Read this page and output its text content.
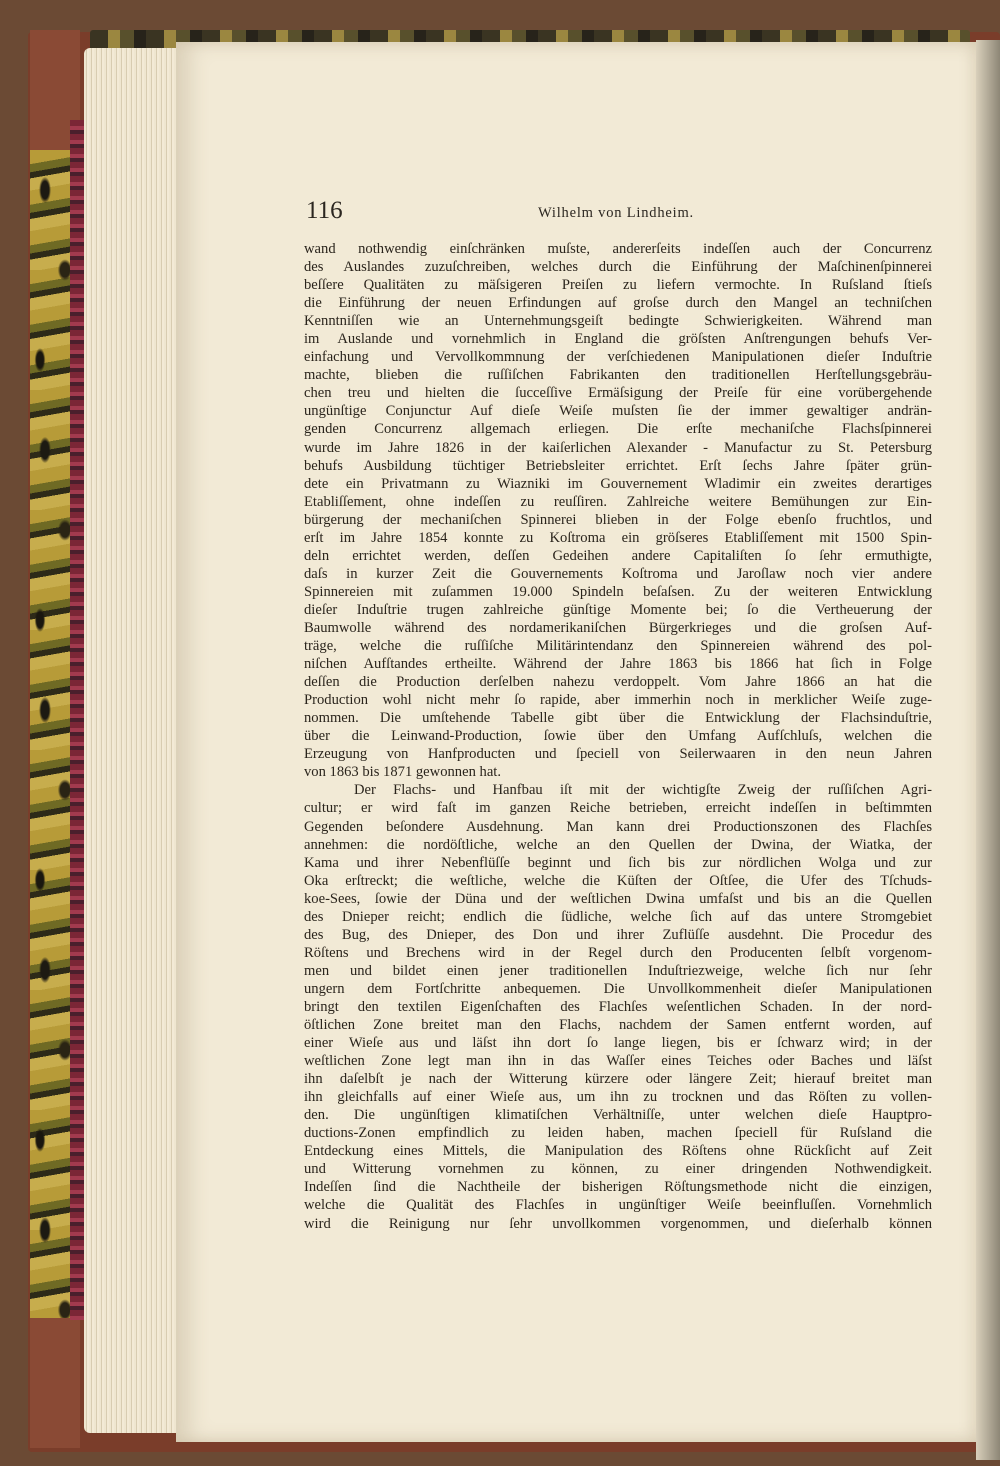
116	Wilhelm von Lindheim.
wand nothwendig einſchränken muſste, andererſeits indeſſen auch der Concurrenz
des Auslandes zuzuſchreiben, welches durch die Einführung der Maſchinenſpinnerei
beſſere Qualitäten zu mäſsigeren Preiſen zu liefern vermochte. In Ruſsland ſtieſs
die Einführung der neuen Erfindungen auf groſse durch den Mangel an techniſchen
Kenntniſſen wie an Unternehmungsgeiſt bedingte Schwierigkeiten. Während man
im Auslande und vornehmlich in England die gröſsten Anſtrengungen behufs Ver-
einfachung und Vervollkommnung der verſchiedenen Manipulationen dieſer Induſtrie
machte, blieben die ruſſiſchen Fabrikanten den traditionellen Herſtellungsgebräu-
chen treu und hielten die ſucceſſive Ermäſsigung der Preiſe für eine vorübergehende
ungünſtige Conjunctur Auf dieſe Weiſe muſsten ſie der immer gewaltiger andrän-
genden Concurrenz allgemach erliegen. Die erſte mechaniſche Flachsſpinnerei
wurde im Jahre 1826 in der kaiſerlichen Alexander - Manufactur zu St. Petersburg
behufs Ausbildung tüchtiger Betriebsleiter errichtet. Erſt ſechs Jahre ſpäter grün-
dete ein Privatmann zu Wiazniki im Gouvernement Wladimir ein zweites derartiges
Etabliſſement, ohne indeſſen zu reuſſiren. Zahlreiche weitere Bemühungen zur Ein-
bürgerung der mechaniſchen Spinnerei blieben in der Folge ebenſo fruchtlos, und
erſt im Jahre 1854 konnte zu Koſtroma ein gröſseres Etabliſſement mit 1500 Spin-
deln errichtet werden, deſſen Gedeihen andere Capitaliſten ſo ſehr ermuthigte,
daſs in kurzer Zeit die Gouvernements Koſtroma und Jaroſlaw noch vier andere
Spinnereien mit zuſammen 19.000 Spindeln beſaſsen. Zu der weiteren Entwicklung
dieſer Induſtrie trugen zahlreiche günſtige Momente bei; ſo die Vertheuerung der
Baumwolle während des nordamerikaniſchen Bürgerkrieges und die groſsen Auf-
träge, welche die ruſſiſche Militärintendanz den Spinnereien während des pol-
niſchen Aufſtandes ertheilte. Während der Jahre 1863 bis 1866 hat ſich in Folge
deſſen die Production derſelben nahezu verdoppelt. Vom Jahre 1866 an hat die
Production wohl nicht mehr ſo rapide, aber immerhin noch in merklicher Weiſe zuge-
nommen. Die umſtehende Tabelle gibt über die Entwicklung der Flachsinduſtrie,
über die Leinwand-Production, ſowie über den Umfang Aufſchluſs, welchen die
Erzeugung von Hanfproducten und ſpeciell von Seilerwaaren in den neun Jahren
von 1863 bis 1871 gewonnen hat.
Der Flachs- und Hanfbau iſt mit der wichtigſte Zweig der ruſſiſchen Agri-
cultur; er wird faſt im ganzen Reiche betrieben, erreicht indeſſen in beſtimmten
Gegenden beſondere Ausdehnung. Man kann drei Productionszonen des Flachſes
annehmen: die nordöſtliche, welche an den Quellen der Dwina, der Wiatka, der
Kama und ihrer Nebenflüſſe beginnt und ſich bis zur nördlichen Wolga und zur
Oka erſtreckt; die weſtliche, welche die Küſten der Oſtſee, die Ufer des Tſchuds-
koe-Sees, ſowie der Düna und der weſtlichen Dwina umfaſst und bis an die Quellen
des Dnieper reicht; endlich die ſüdliche, welche ſich auf das untere Stromgebiet
des Bug, des Dnieper, des Don und ihrer Zuflüſſe ausdehnt. Die Procedur des
Röſtens und Brechens wird in der Regel durch den Producenten ſelbſt vorgenom-
men und bildet einen jener traditionellen Induſtriezweige, welche ſich nur ſehr
ungern dem Fortſchritte anbequemen. Die Unvollkommenheit dieſer Manipulationen
bringt den textilen Eigenſchaften des Flachſes weſentlichen Schaden. In der nord-
öſtlichen Zone breitet man den Flachs, nachdem der Samen entfernt worden, auf
einer Wieſe aus und läſst ihn dort ſo lange liegen, bis er ſchwarz wird; in der
weſtlichen Zone legt man ihn in das Waſſer eines Teiches oder Baches und läſst
ihn daſelbſt je nach der Witterung kürzere oder längere Zeit; hierauf breitet man
ihn gleichfalls auf einer Wieſe aus, um ihn zu trocknen und das Röſten zu vollen-
den. Die ungünſtigen klimatiſchen Verhältniſſe, unter welchen dieſe Hauptpro-
ductions-Zonen empfindlich zu leiden haben, machen ſpeciell für Ruſsland die
Entdeckung eines Mittels, die Manipulation des Röſtens ohne Rückſicht auf Zeit
und Witterung vornehmen zu können, zu einer dringenden Nothwendigkeit.
Indeſſen ſind die Nachtheile der bisherigen Röſtungsmethode nicht die einzigen,
welche die Qualität des Flachſes in ungünſtiger Weiſe beeinfluſſen. Vornehmlich
wird die Reinigung nur ſehr unvollkommen vorgenommen, und dieſerhalb können
